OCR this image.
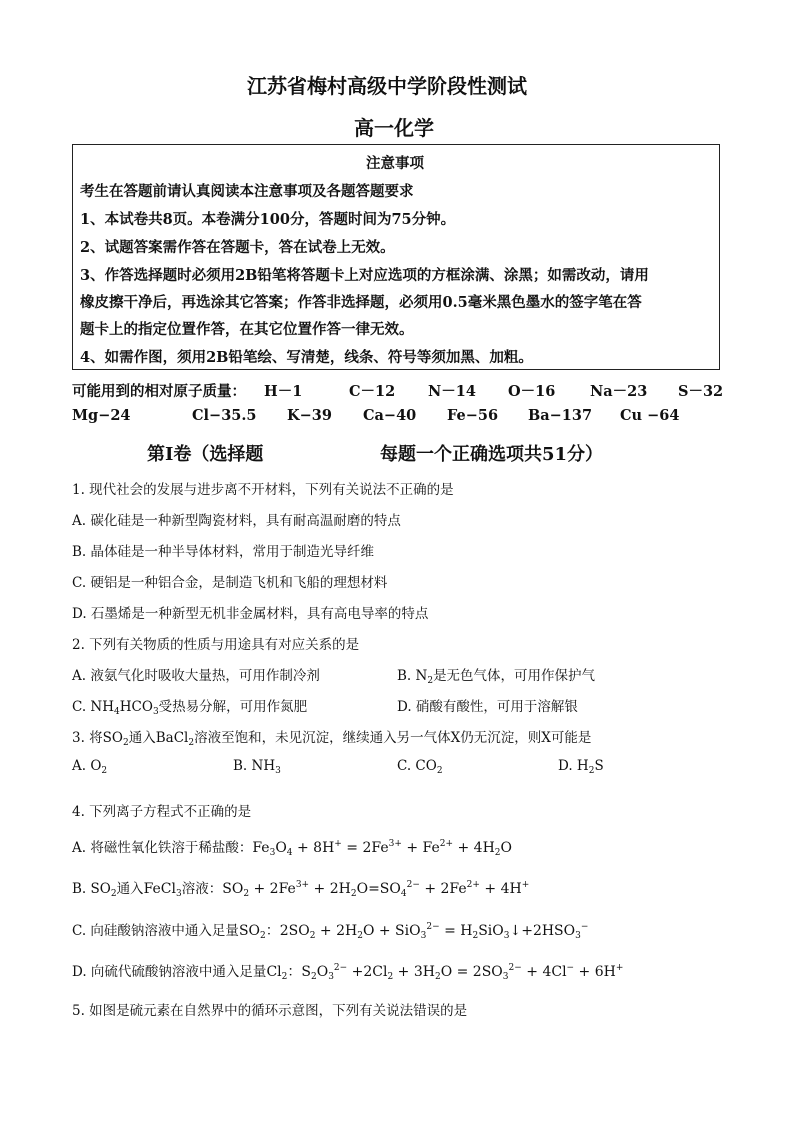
江苏省梅村高级中学阶段性测试
高一化学
注意事项
考生在答题前请认真阅读本注意事项及各题答题要求
1、本试卷共8页。本卷满分100分，答题时间为75分钟。
2、试题答案需作答在答题卡，答在试卷上无效。
3、作答选择题时必须用2B铅笔将答题卡上对应选项的方框涂满、涂黑；如需改动，请用
橡皮擦干净后，再选涂其它答案；作答非选择题，必须用0.5毫米黑色墨水的签字笔在答
题卡上的指定位置作答，在其它位置作答一律无效。
4、如需作图，须用2B铅笔绘、写清楚，线条、符号等须加黑、加粗。
可能用到的相对原子质量： H－1	C－12 N－14 O－16 Na－23 S－32
Mg−24	Cl−35.5 K−39 Ca−40 Fe−56 Ba−137 Cu −64
第Ⅰ卷（选择题	每题一个正确选项共51分）
1. 现代社会的发展与进步离不开材料，下列有关说法不正确的是
A. 碳化硅是一种新型陶瓷材料，具有耐高温耐磨的特点
B. 晶体硅是一种半导体材料，常用于制造光导纤维
C. 硬铝是一种铝合金，是制造飞机和飞船的理想材料
D. 石墨烯是一种新型无机非金属材料，具有高电导率的特点
2. 下列有关物质的性质与用途具有对应关系的是
A. 液氨气化时吸收大量热，可用作制冷剂	B. $N_2$是无色气体，可用作保护气
C. $NH_4HCO_3$受热易分解，可用作氮肥	D. 硝酸有酸性，可用于溶解银
3. 将$SO_2$通入BaCl$_2$溶液至饱和，未见沉淀，继续通入另一气体X仍无沉淀，则X可能是
A. $O_2$	B. $NH_3$	C. $CO_2$	D. $H_2S$
4. 下列离子方程式不正确的是
A. 将磁性氧化铁溶于稀盐酸：$Fe_3O_4 + 8H^+ = 2Fe^{3+} + Fe^{2+} + 4H_2O$
B. $SO_2$通入FeCl$_3$溶液：$SO_2 + 2Fe^{3+} + 2H_2O=SO_4^{2-} + 2Fe^{2+} + 4H^+$
C. 向硅酸钠溶液中通入足量$SO_2$：$2SO_2 + 2H_2O + SiO_3^{2-}$ = $H_2SiO_3↓+2HSO_3^-$
D. 向硫代硫酸钠溶液中通入足量$Cl_2$：$S_2O_3^{2-} +2Cl_2 + 3H_2O = 2SO_3^{2-} + 4Cl^- + 6H^+$
5. 如图是硫元素在自然界中的循环示意图，下列有关说法错误的是
